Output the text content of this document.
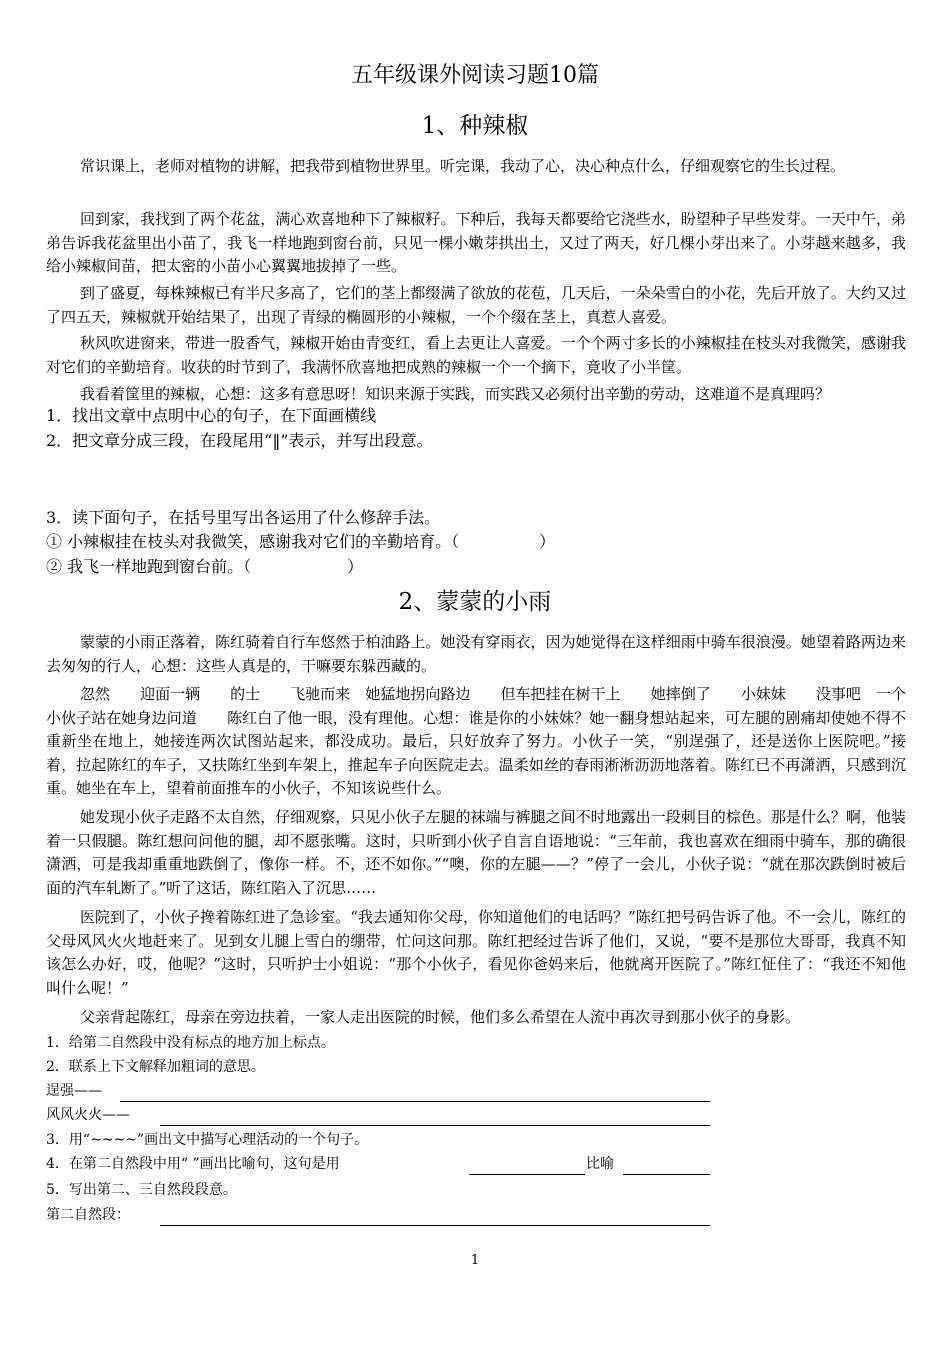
五年级课外阅读习题10篇
1、种辣椒

常识课上，老师对植物的讲解，把我带到植物世界里。听完课，我动了心，决心种点什么，仔细观察它的生长过程。

回到家，我找到了两个花盆，满心欢喜地种下了辣椒籽。下种后，我每天都要给它浇些水，盼望种子早些发芽。一天中午，弟弟告诉我花盆里出小苗了，我飞一样地跑到窗台前，只见一棵小嫩芽拱出土，又过了两天，好几棵小芽出来了。小芽越来越多，我给小辣椒间苗，把太密的小苗小心翼翼地拔掉了一些。

到了盛夏，每株辣椒已有半尺多高了，它们的茎上都缀满了欲放的花苞，几天后，一朵朵雪白的小花，先后开放了。大约又过了四五天，辣椒就开始结果了，出现了青绿的椭圆形的小辣椒，一个个缀在茎上，真惹人喜爱。

秋风吹进窗来，带进一股香气，辣椒开始由青变红，看上去更让人喜爱。一个个两寸多长的小辣椒挂在枝头对我微笑，感谢我对它们的辛勤培育。收获的时节到了，我满怀欣喜地把成熟的辣椒一个一个摘下，竟收了小半筐。

我看着筐里的辣椒，心想：这多有意思呀！知识来源于实践，而实践又必须付出辛勤的劳动，这难道不是真理吗？

1．找出文章中点明中心的句子，在下面画横线

2．把文章分成三段，在段尾用“‖”表示，并写出段意。

3．读下面句子，在括号里写出各运用了什么修辞手法。

① 小辣椒挂在枝头对我微笑，感谢我对它们的辛勤培育。（	）

② 我飞一样地跑到窗台前。（	）

2、蒙蒙的小雨

蒙蒙的小雨正落着，陈红骑着自行车悠然于柏油路上。她没有穿雨衣，因为她觉得在这样细雨中骑车很浪漫。她望着路两边来去匆匆的行人，心想：这些人真是的，干嘛要东躲西藏的。

忽然　　迎面一辆　　的士　　飞驰而来　她猛地拐向路边　　但车把挂在树干上　　她摔倒了　　小妹妹　　没事吧　一个小伙子站在她身边问道　　陈红白了他一眼，没有理他。心想：谁是你的小妹妹？她一翻身想站起来，可左腿的剧痛却使她不得不重新坐在地上，她接连两次试图站起来，都没成功。最后，只好放弃了努力。小伙子一笑，“别逞强了，还是送你上医院吧。”接着，拉起陈红的车子，又扶陈红坐到车架上，推起车子向医院走去。温柔如丝的春雨淅淅沥沥地落着。陈红已不再潇洒，只感到沉重。她坐在车上，望着前面推车的小伙子，不知该说些什么。

她发现小伙子走路不太自然，仔细观察，只见小伙子左腿的袜端与裤腿之间不时地露出一段刺目的棕色。那是什么？啊，他装着一只假腿。陈红想问问他的腿，却不愿张嘴。这时，只听到小伙子自言自语地说：“三年前，我也喜欢在细雨中骑车，那的确很潇洒，可是我却重重地跌倒了，像你一样。不，还不如你。”“噢，你的左腿——？”停了一会儿，小伙子说：“就在那次跌倒时被后面的汽车轧断了。”听了这话，陈红陷入了沉思……

医院到了，小伙子搀着陈红进了急诊室。“我去通知你父母，你知道他们的电话吗？”陈红把号码告诉了他。不一会儿，陈红的父母风风火火地赶来了。见到女儿腿上雪白的绷带，忙问这问那。陈红把经过告诉了他们，又说，“要不是那位大哥哥，我真不知该怎么办好，哎，他呢？”这时，只听护士小姐说：“那个小伙子，看见你爸妈来后，他就离开医院了。”陈红怔住了：“我还不知他叫什么呢！”

父亲背起陈红，母亲在旁边扶着，一家人走出医院的时候，他们多么希望在人流中再次寻到那小伙子的身影。

1．给第二自然段中没有标点的地方加上标点。

2．联系上下文解释加粗词的意思。

逞强——

风风火火——

3．用“~~~~”画出文中描写心理活动的一个句子。

4．在第二自然段中用“ ”画出比喻句，这句是用	比喻

5．写出第二、三自然段段意。

第二自然段：

1
